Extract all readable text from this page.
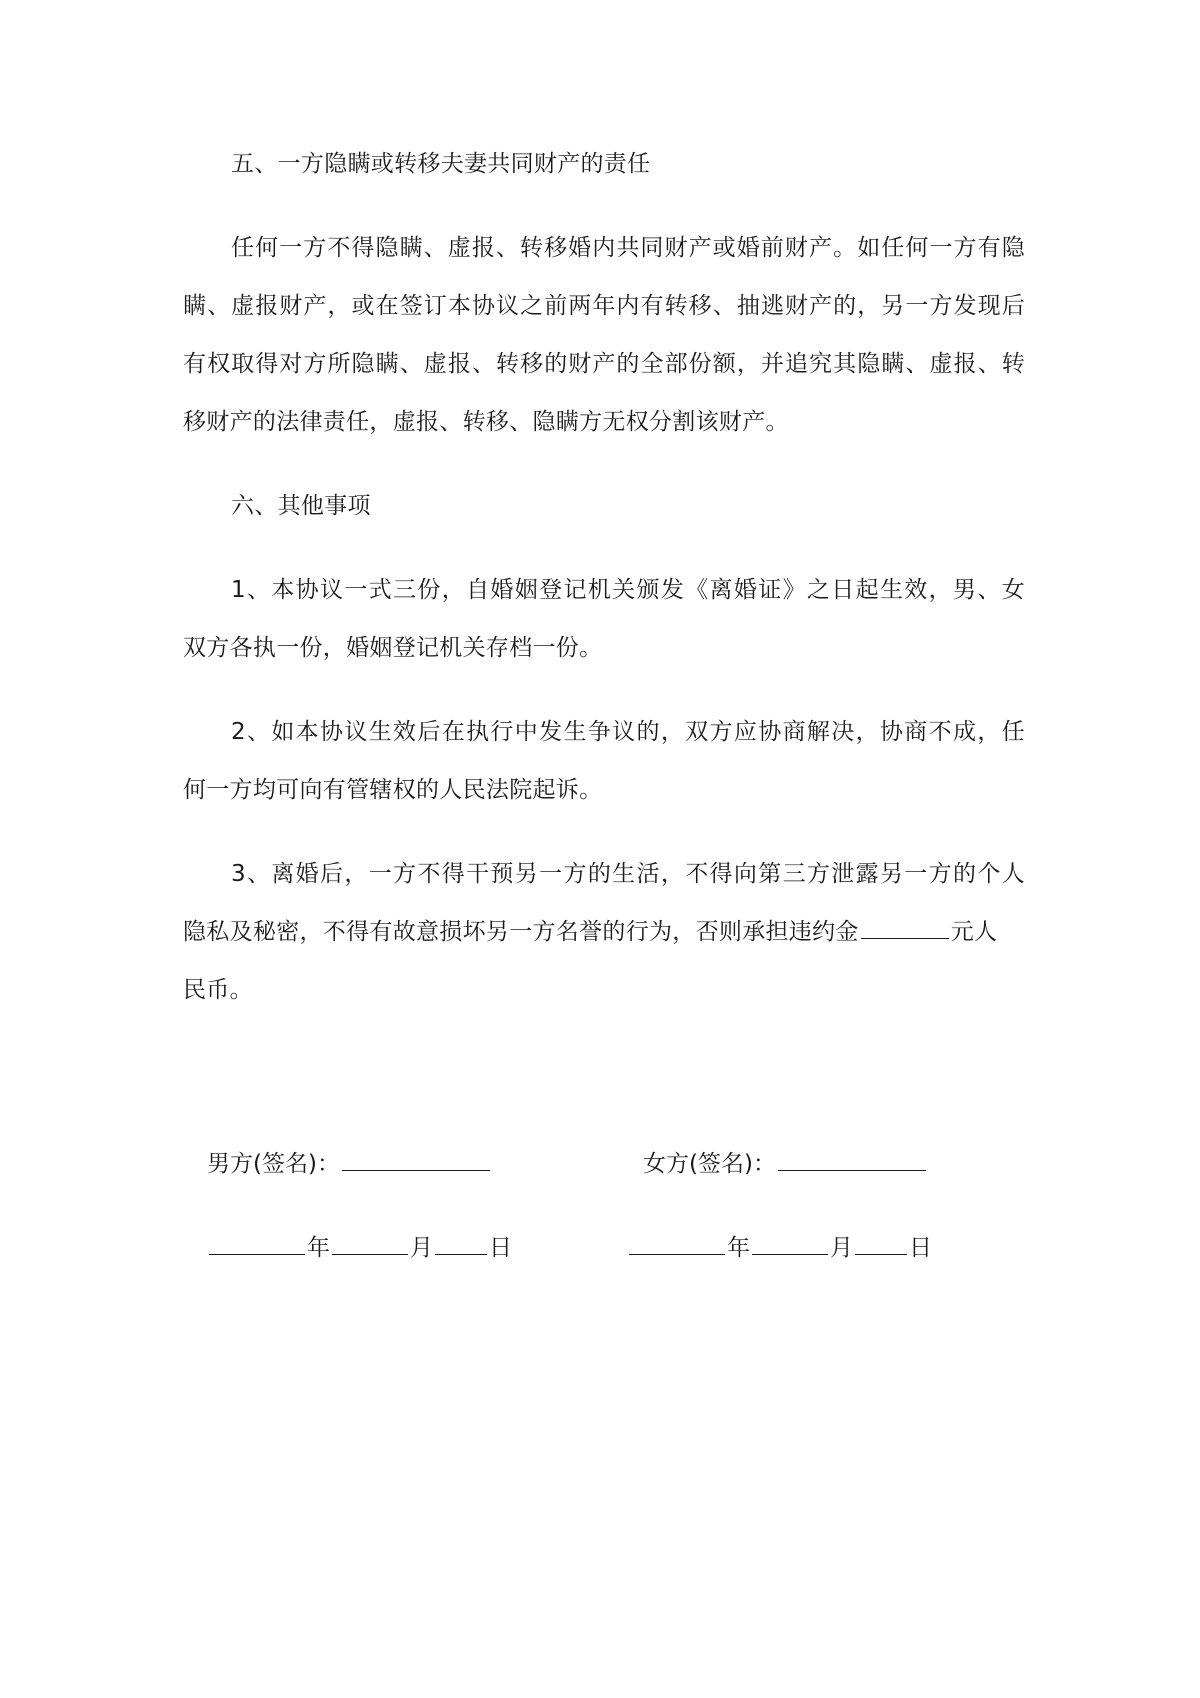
五、一方隐瞒或转移夫妻共同财产的责任
任何一方不得隐瞒、虚报、转移婚内共同财产或婚前财产。如任何一方有隐
瞒、虚报财产，或在签订本协议之前两年内有转移、抽逃财产的，另一方发现后
有权取得对方所隐瞒、虚报、转移的财产的全部份额，并追究其隐瞒、虚报、转
移财产的法律责任，虚报、转移、隐瞒方无权分割该财产。
六、其他事项
1、本协议一式三份，自婚姻登记机关颁发《离婚证》之日起生效，男、女
双方各执一份，婚姻登记机关存档一份。
2、如本协议生效后在执行中发生争议的，双方应协商解决，协商不成，任
何一方均可向有管辖权的人民法院起诉。
3、离婚后，一方不得干预另一方的生活，不得向第三方泄露另一方的个人
隐私及秘密，不得有故意损坏另一方名誉的行为，否则承担违约金	元人
民币。
男方(签名)：	女方(签名)：
年	月 日	年	月 日
